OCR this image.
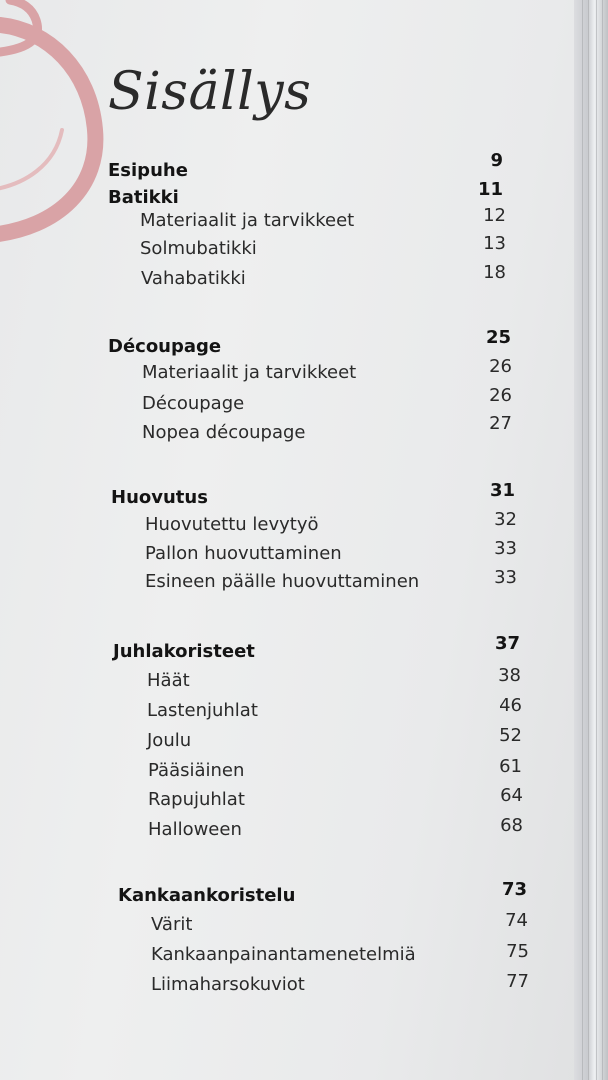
Sisällys
Esipuhe	9
Batikki	11
Materiaalit ja tarvikkeet	12
Solmubatikki	13
Vahabatikki	18
Découpage	25
Materiaalit ja tarvikkeet	26
Découpage	26
Nopea découpage	27
Huovutus	31
Huovutettu levytyö	32
Pallon huovuttaminen	33
Esineen päälle huovuttaminen	33
Juhlakoristeet	37
Häät	38
Lastenjuhlat	46
Joulu	52
Pääsiäinen	61
Rapujuhlat	64
Halloween	68
Kankaankoristelu	73
Värit	74
Kankaanpainantamenetelmiä	75
Liimaharsokuviot	77
